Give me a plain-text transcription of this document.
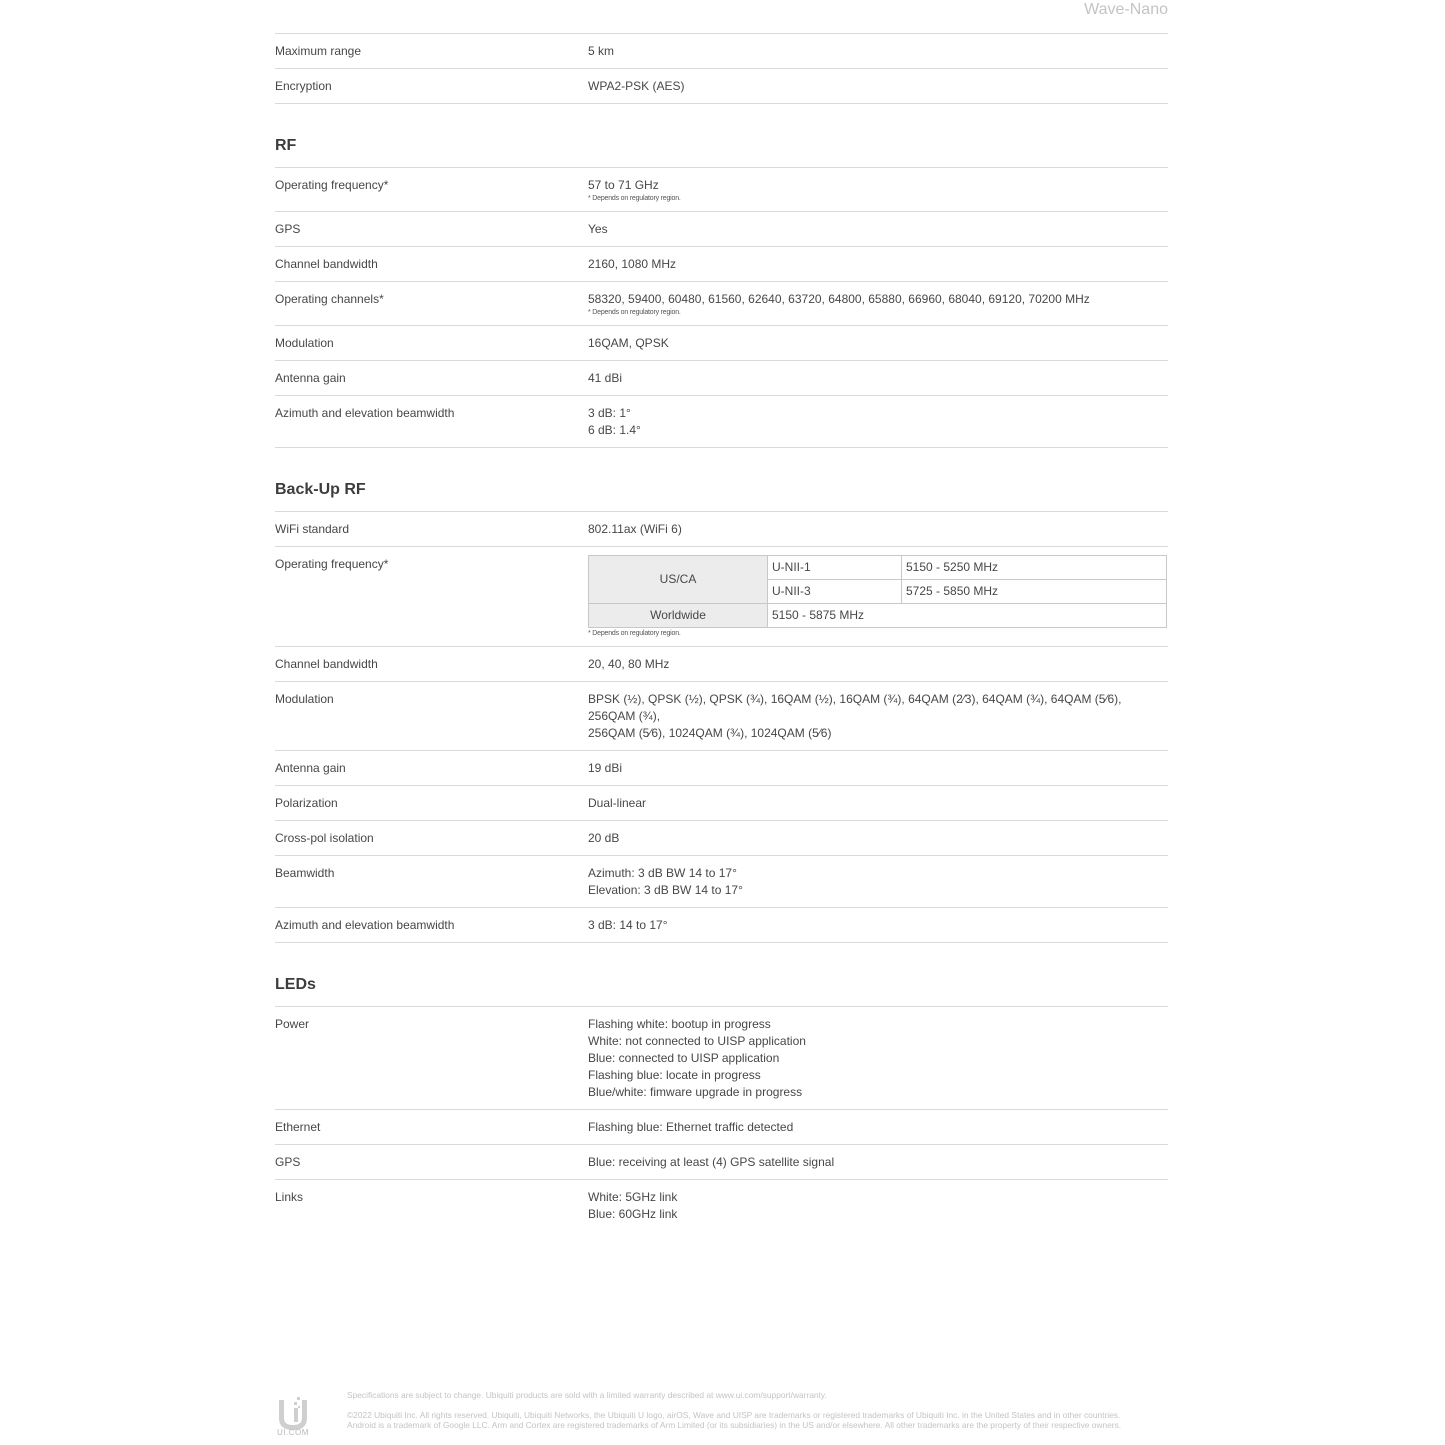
Wave-Nano
Maximum range	5 km
Encryption	WPA2-PSK (AES)
RF
Operating frequency*	57 to 71 GHz
* Depends on regulatory region.
GPS	Yes
Channel bandwidth	2160, 1080 MHz
Operating channels*	58320, 59400, 60480, 61560, 62640, 63720, 64800, 65880, 66960, 68040, 69120, 70200 MHz
* Depends on regulatory region.
Modulation	16QAM, QPSK
Antenna gain	41 dBi
Azimuth and elevation beamwidth	3 dB: 1°
6 dB: 1.4°
Back-Up RF
WiFi standard	802.11ax (WiFi 6)
Operating frequency*
US/CA	U-NII-1	5150 - 5250 MHz
	U-NII-3	5725 - 5850 MHz
Worldwide	5150 - 5875 MHz	
* Depends on regulatory region.
Channel bandwidth	20, 40, 80 MHz
Modulation	BPSK (½), QPSK (½), QPSK (¾), 16QAM (½), 16QAM (¾), 64QAM (2⁄3), 64QAM (¾), 64QAM (5⁄6), 256QAM (¾),
256QAM (5⁄6), 1024QAM (¾), 1024QAM (5⁄6)
Antenna gain	19 dBi
Polarization	Dual-linear
Cross-pol isolation	20 dB
Beamwidth	Azimuth: 3 dB BW 14 to 17°
Elevation: 3 dB BW 14 to 17°
Azimuth and elevation beamwidth	3 dB: 14 to 17°
LEDs
Power	Flashing white: bootup in progress
White: not connected to UISP application
Blue: connected to UISP application
Flashing blue: locate in progress
Blue/white: fimware upgrade in progress
Ethernet	Flashing blue: Ethernet traffic detected
GPS	Blue: receiving at least (4) GPS satellite signal
Links	White: 5GHz link
Blue: 60GHz link
UI.COM

Specifications are subject to change. Ubiquiti products are sold with a limited warranty described at www.ui.com/support/warranty.

©2022 Ubiquiti Inc. All rights reserved. Ubiquiti, Ubiquiti Networks, the Ubiquiti U logo, airOS, Wave and UISP are trademarks or registered trademarks of Ubiquiti Inc. in the United States and in other countries. Android is a trademark of Google LLC. Arm and Cortex are registered trademarks of Arm Limited (or its subsidiaries) in the US and/or elsewhere. All other trademarks are the property of their respective owners.
